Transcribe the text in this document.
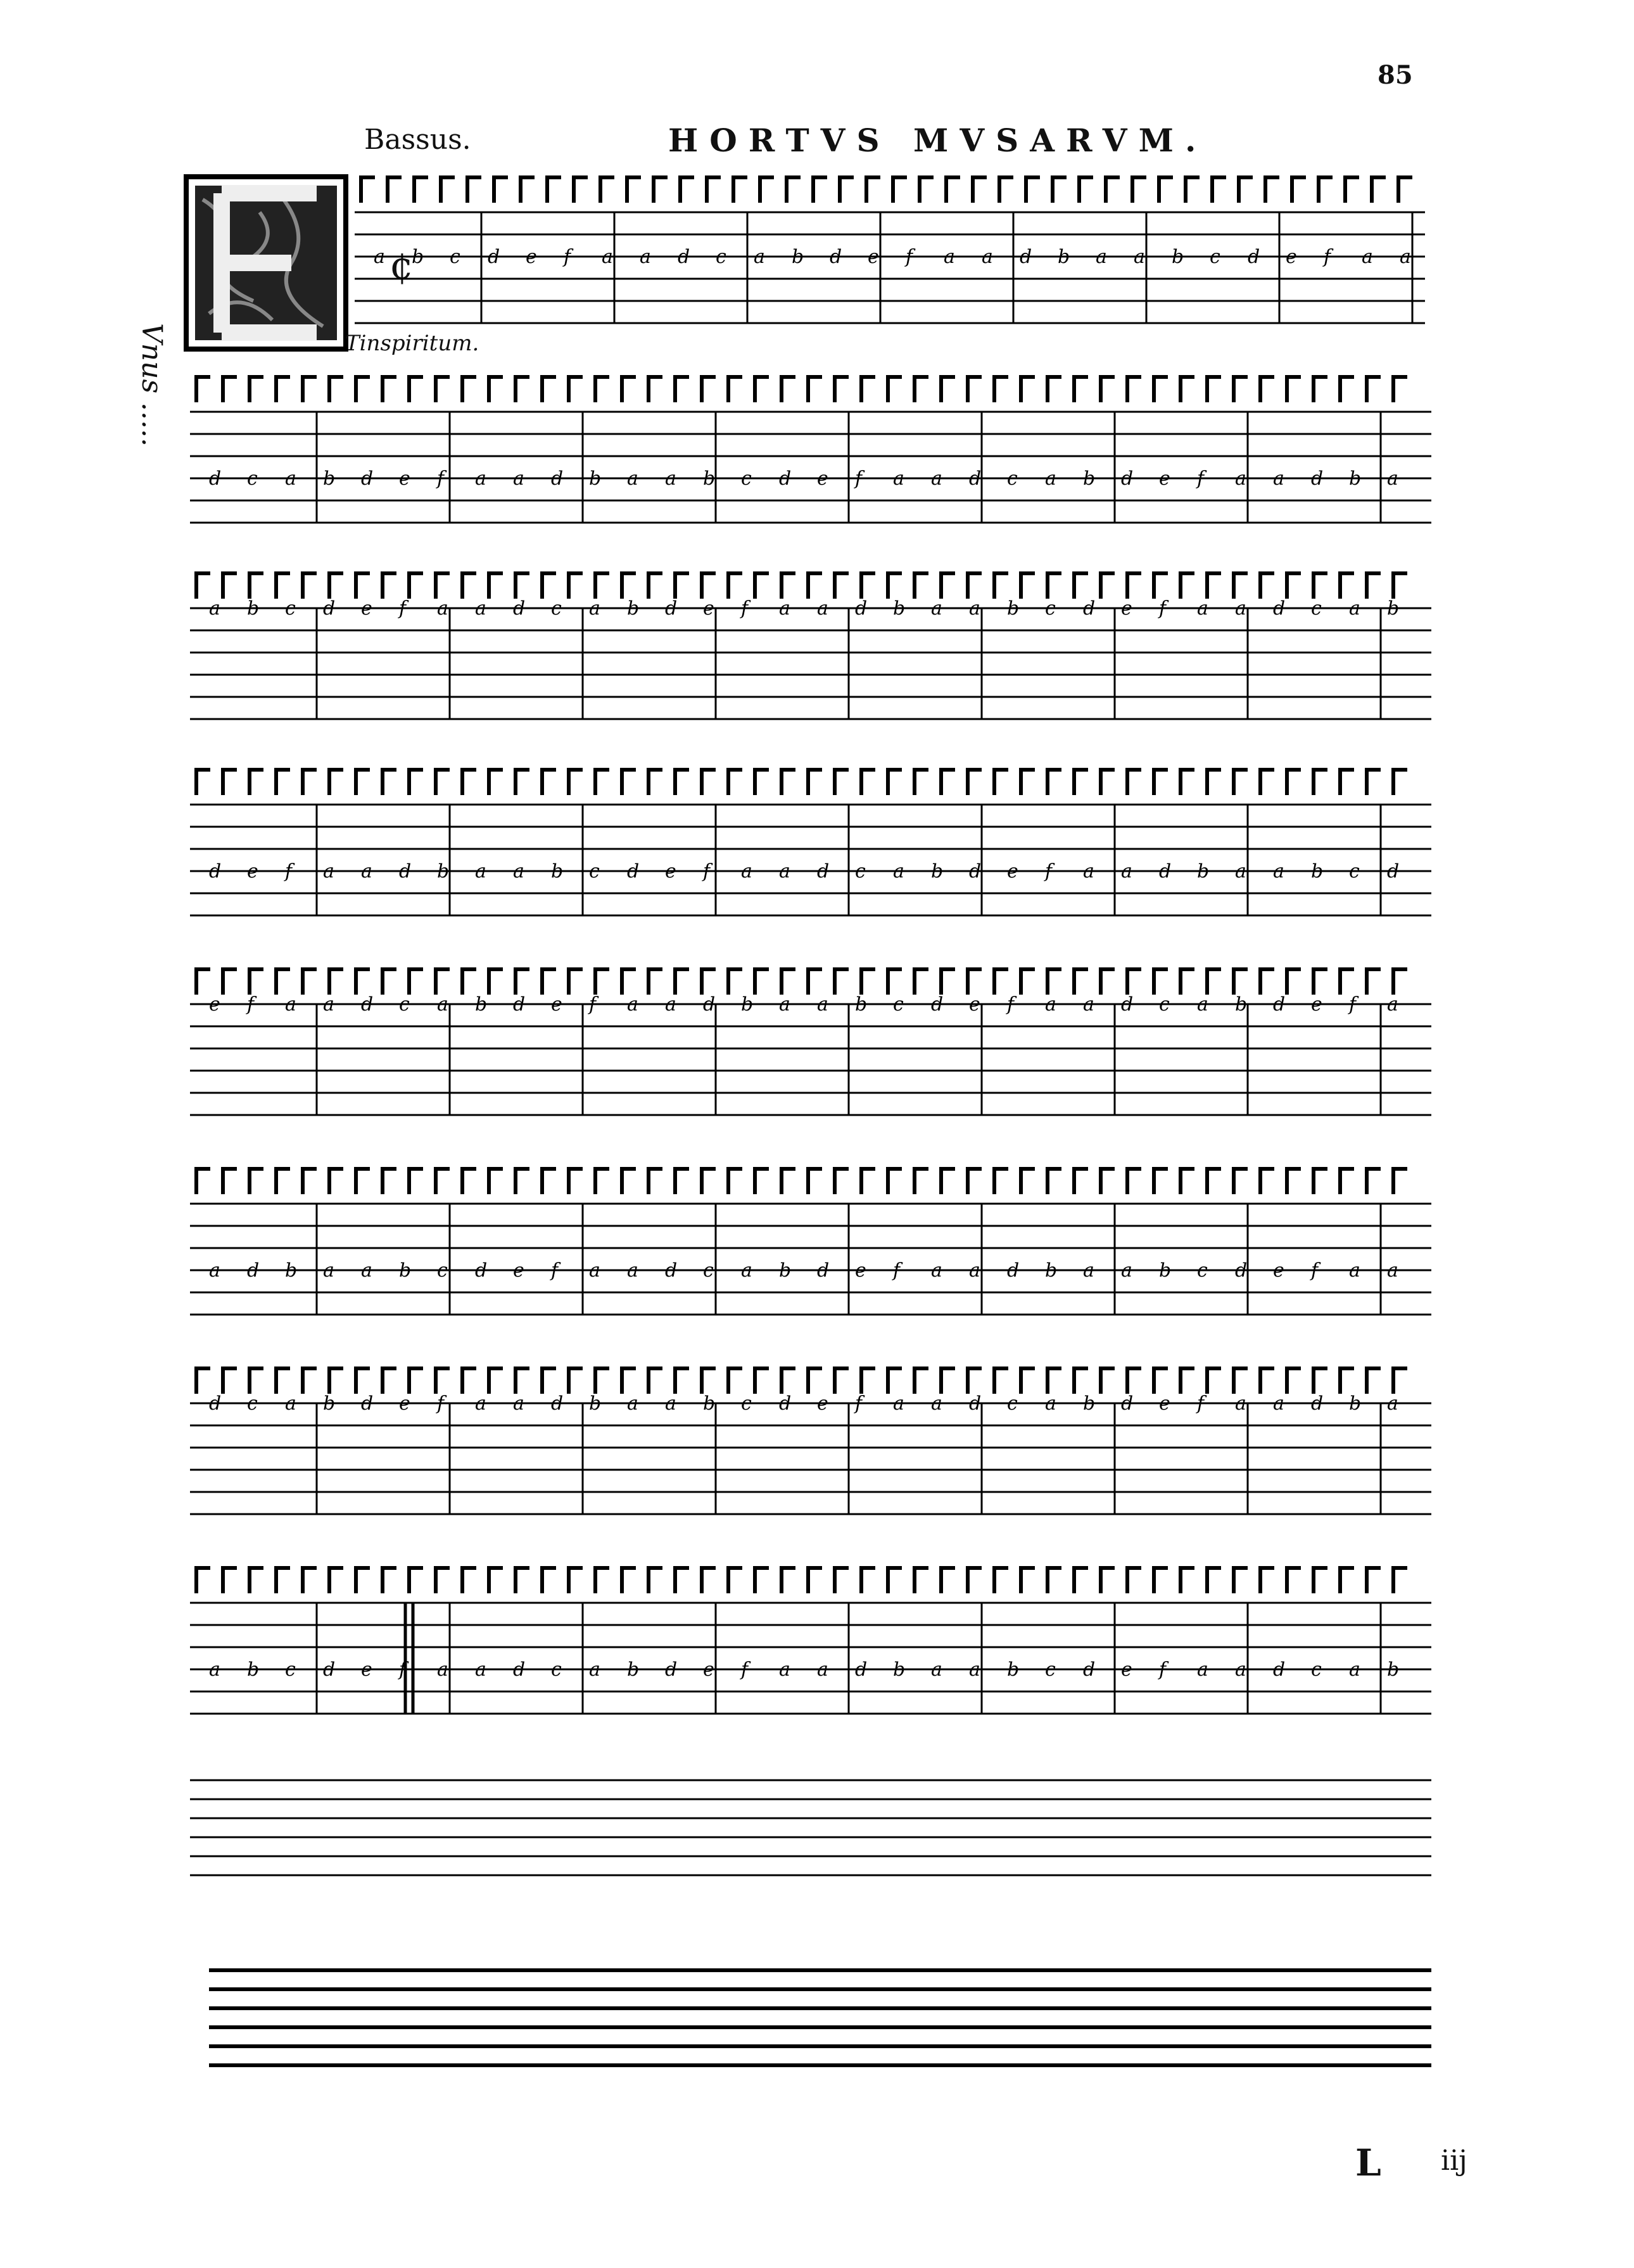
85
Bassus.	HORTVS MVSARVM.
Tinspiritum.
Vnus .....
¢
a b c d e f a a d c a b d e f a a d b a a b c d e f a a
d c a b d e f a a d b a a b c d e f a a d c a b d e f a a d b a
a b c d e f a a d c a b d e f a a d b a a b c d e f a a d c a b
d e f a a d b a a b c d e f a a d c a b d e f a a d b a a b c d
e f a a d c a b d e f a a d b a a b c d e f a a d c a b d e f a
a d b a a b c d e f a a d c a b d e f a a d b a a b c d e f a a
d c a b d e f a a d b a a b c d e f a a d c a b d e f a a d b a
a b c d e f a a d c a b d e f a a d b a a b c d e f a a d c a b
L iij
